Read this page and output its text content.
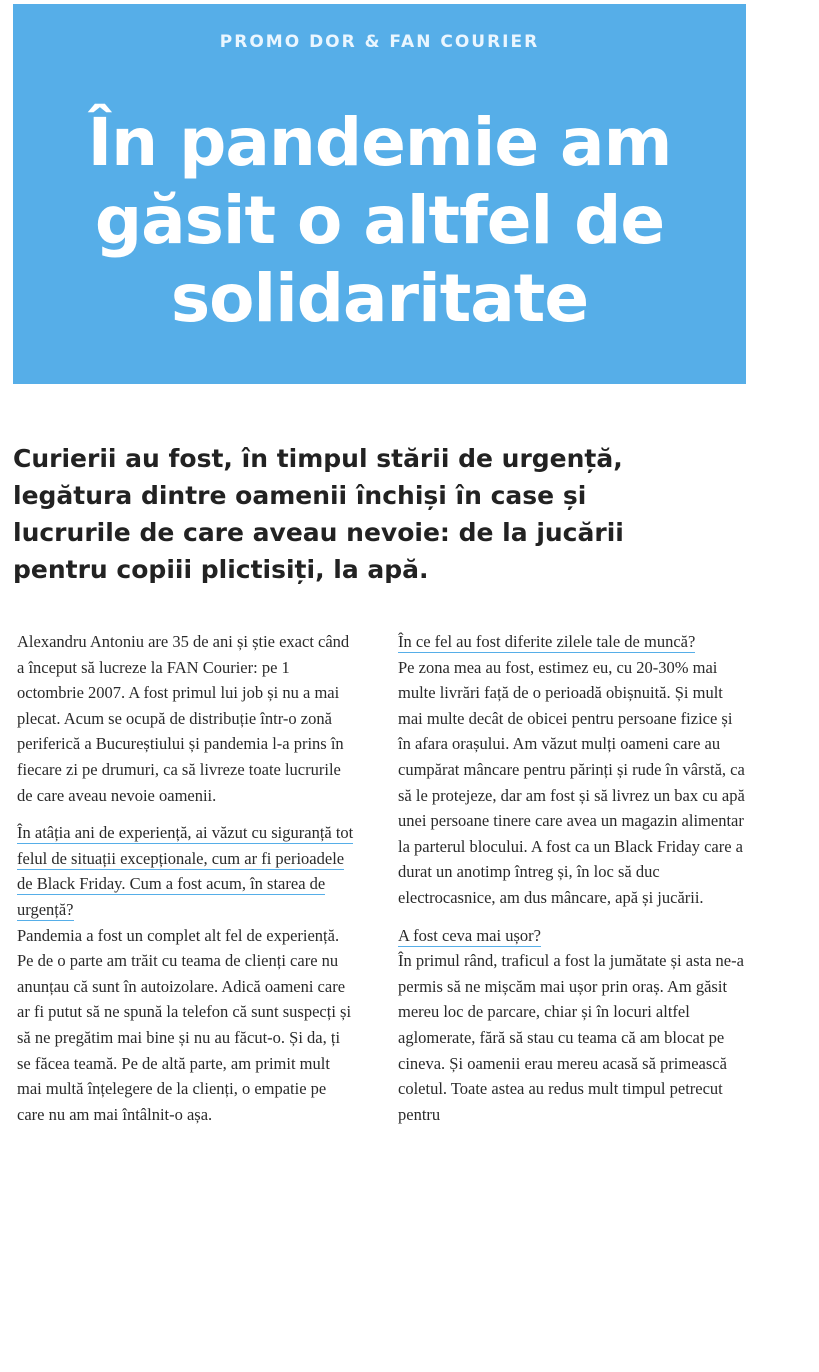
PROMO DOR & FAN COURIER
În pandemie am găsit o altfel de solidaritate
Curierii au fost, în timpul stării de urgență, legătura dintre oamenii închiși în case și lucrurile de care aveau nevoie: de la jucării pentru copiii plictisiți, la apă.

Alexandru Antoniu are 35 de ani și știe exact când a început să lucreze la FAN Courier: pe 1 octombrie 2007. A fost primul lui job și nu a mai plecat. Acum se ocupă de distribuție într-o zonă periferică a Bucureștiului și pandemia l-a prins în fiecare zi pe drumuri, ca să livreze toate lucrurile de care aveau nevoie oamenii.

În atâția ani de experiență, ai văzut cu siguranță tot felul de situații excepționale, cum ar fi perioadele de Black Friday. Cum a fost acum, în starea de urgență?

Pandemia a fost un complet alt fel de experiență. Pe de o parte am trăit cu teama de clienți care nu anunțau că sunt în autoizolare. Adică oameni care ar fi putut să ne spună la telefon că sunt suspecți și să ne pregătim mai bine și nu au făcut-o. Și da, ți se făcea teamă. Pe de altă parte, am primit mult mai multă înțelegere de la clienți, o empatie pe care nu am mai întâlnit-o așa.

În ce fel au fost diferite zilele tale de muncă?

Pe zona mea au fost, estimez eu, cu 20-30% mai multe livrări față de o perioadă obișnuită. Și mult mai multe decât de obicei pentru persoane fizice și în afara orașului. Am văzut mulți oameni care au cumpărat mâncare pentru părinți și rude în vârstă, ca să le protejeze, dar am fost și să livrez un bax cu apă unei persoane tinere care avea un magazin alimentar la parterul blocului. A fost ca un Black Friday care a durat un anotimp întreg și, în loc să duc electrocasnice, am dus mâncare, apă și jucării.

A fost ceva mai ușor?

În primul rând, traficul a fost la jumătate și asta ne-a permis să ne mișcăm mai ușor prin oraș. Am găsit mereu loc de parcare, chiar și în locuri altfel aglomerate, fără să stau cu teama că am blocat pe cineva. Și oamenii erau mereu acasă să primească coletul. Toate astea au redus mult timpul petrecut pentru
